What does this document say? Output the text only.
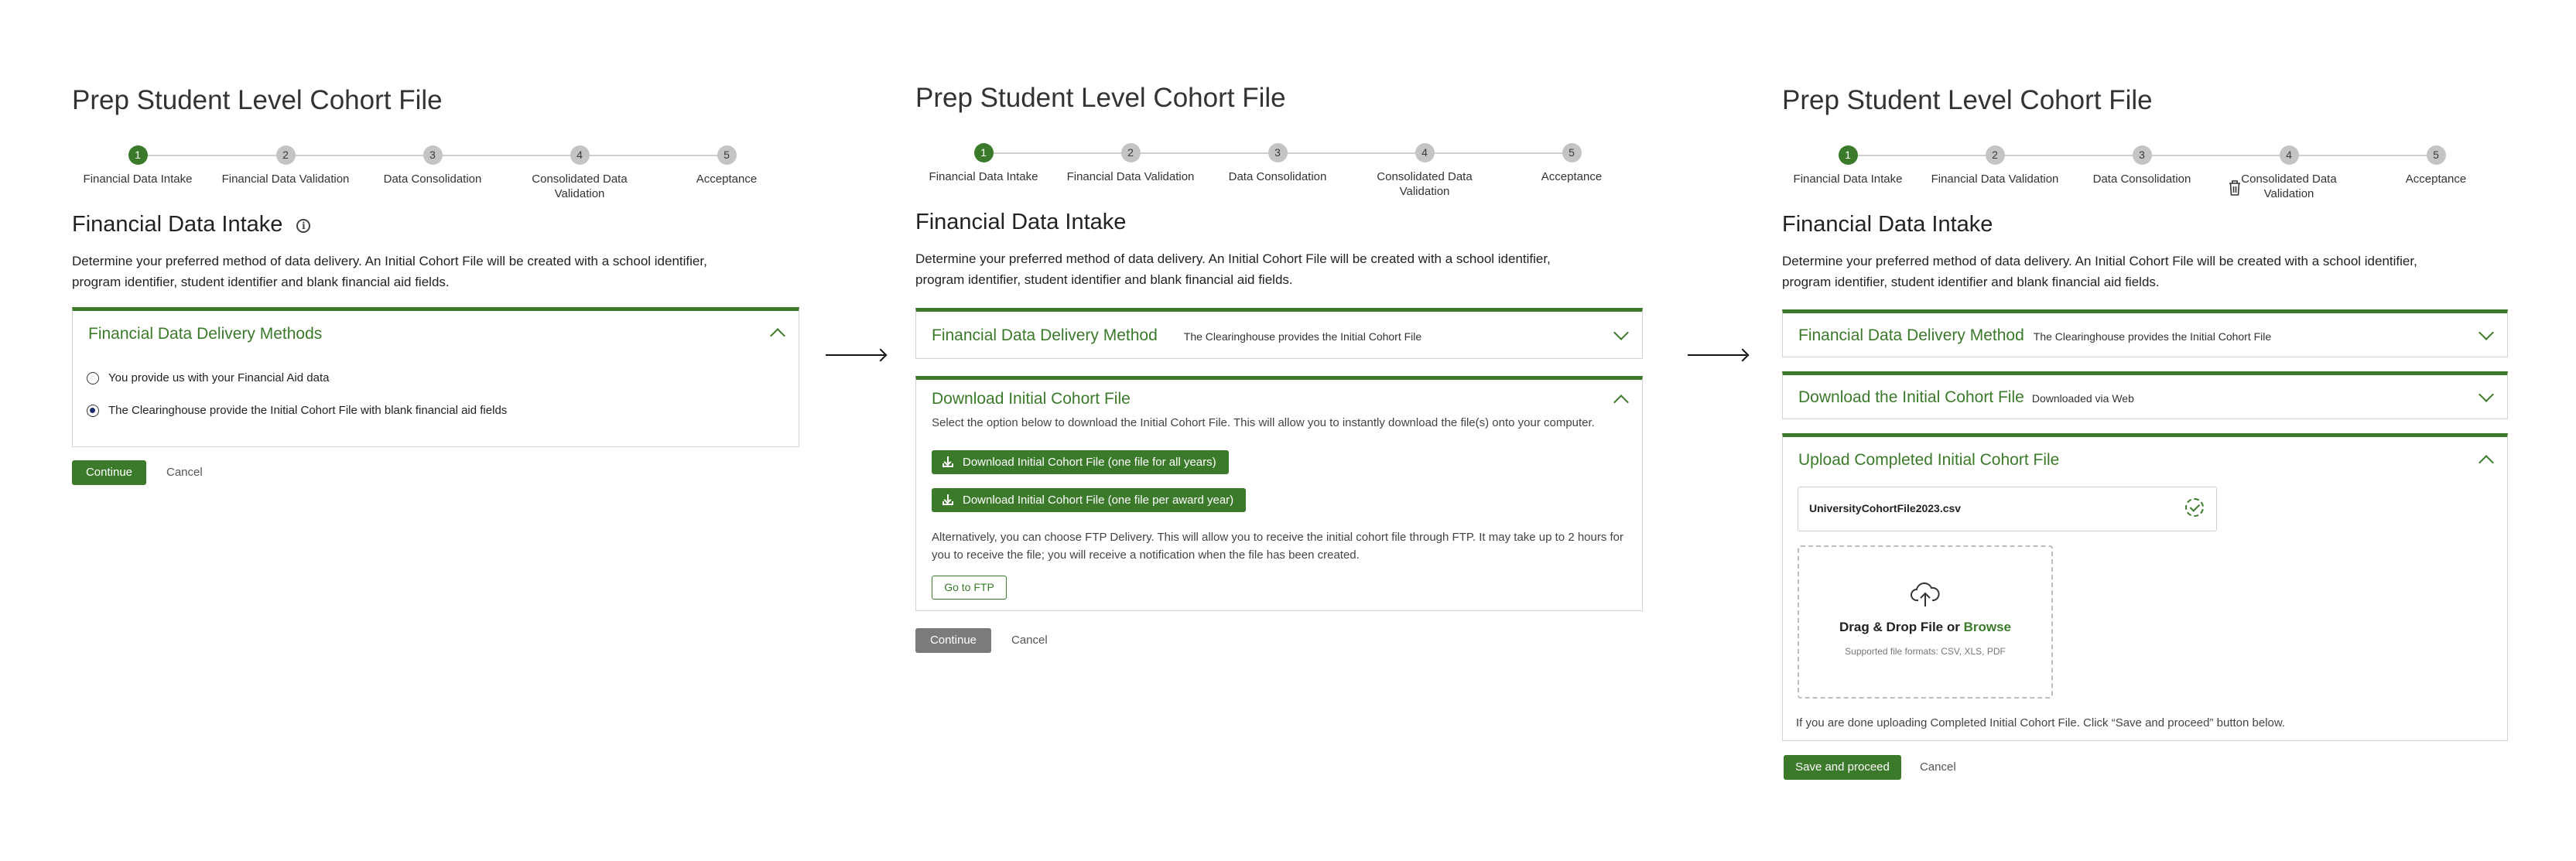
Prep Student Level Cohort File
1
Financial Data Intake
2
Financial Data Validation
3
Data Consolidation
4
Consolidated Data Validation
5
Acceptance
Financial Data Intake i
Determine your preferred method of data delivery. An Initial Cohort File will be created with a school identifier,
program identifier, student identifier and blank financial aid fields.
Financial Data Delivery Methods
You provide us with your Financial Aid data
The Clearinghouse provide the Initial Cohort File with blank financial aid fields
Continue	Cancel
Prep Student Level Cohort File
1
Financial Data Intake
2
Financial Data Validation
3
Data Consolidation
4
Consolidated Data Validation
5
Acceptance
Financial Data Intake
Determine your preferred method of data delivery. An Initial Cohort File will be created with a school identifier,
program identifier, student identifier and blank financial aid fields.
Financial Data Delivery Method The Clearinghouse provides the Initial Cohort File
Download Initial Cohort File
Select the option below to download the Initial Cohort File. This will allow you to instantly download the file(s) onto your computer.
Download Initial Cohort File (one file for all years)
Download Initial Cohort File (one file per award year)
Alternatively, you can choose FTP Delivery. This will allow you to receive the initial cohort file through FTP. It may take up to 2 hours for
you to receive the file; you will receive a notification when the file has been created.
Go to FTP
Continue	Cancel
Prep Student Level Cohort File
1
Financial Data Intake
2
Financial Data Validation
3
Data Consolidation
4
Consolidated Data Validation
5
Acceptance
Financial Data Intake
Determine your preferred method of data delivery. An Initial Cohort File will be created with a school identifier,
program identifier, student identifier and blank financial aid fields.
Financial Data Delivery Method The Clearinghouse provides the Initial Cohort File
Download the Initial Cohort File Downloaded via Web
Upload Completed Initial Cohort File
UniversityCohortFile2023.csv
Drag & Drop File or Browse
Supported file formats: CSV, XLS, PDF
If you are done uploading Completed Initial Cohort File. Click “Save and proceed” button below.
Save and proceed	Cancel
